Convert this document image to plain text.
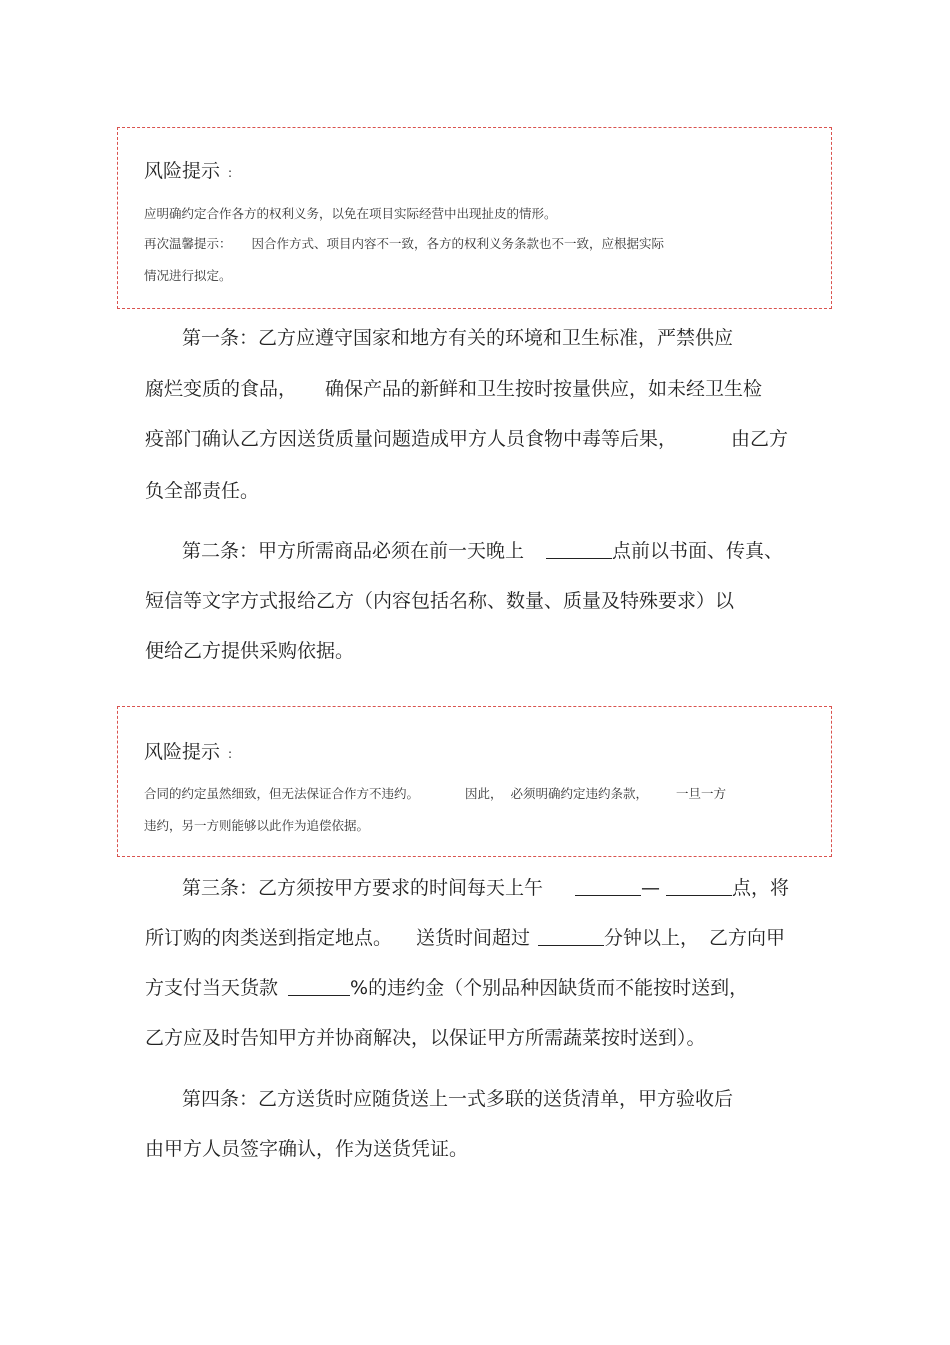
风险提示 :
应明确约定合作各方的权利义务，以免在项目实际经营中出现扯皮的情形。
再次温馨提示： 因合作方式、项目内容不一致，各方的权利义务条款也不一致，应根据实际
情况进行拟定。
第一条：乙方应遵守国家和地方有关的环境和卫生标准，严禁供应
腐烂变质的食品， 确保产品的新鲜和卫生按时按量供应，如未经卫生检
疫部门确认乙方因送货质量问题造成甲方人员食物中毒等后果，	由乙方
负全部责任。
第二条：甲方所需商品必须在前一天晚上	点前以书面、传真、
短信等文字方式报给乙方（内容包括名称、数量、质量及特殊要求）以
便给乙方提供采购依据。
风险提示 :
合同的约定虽然细致，但无法保证合作方不违约。	因此， 必须明确约定违约条款， 一旦一方
违约，另一方则能够以此作为追偿依据。
第三条：乙方须按甲方要求的时间每天上午	—	点，将
所订购的肉类送到指定地点。 送货时间超过	分钟以上， 乙方向甲
方支付当天货款	%的违约金（个别品种因缺货而不能按时送到，
乙方应及时告知甲方并协商解决，以保证甲方所需蔬菜按时送到）。
第四条：乙方送货时应随货送上一式多联的送货清单，甲方验收后
由甲方人员签字确认，作为送货凭证。
